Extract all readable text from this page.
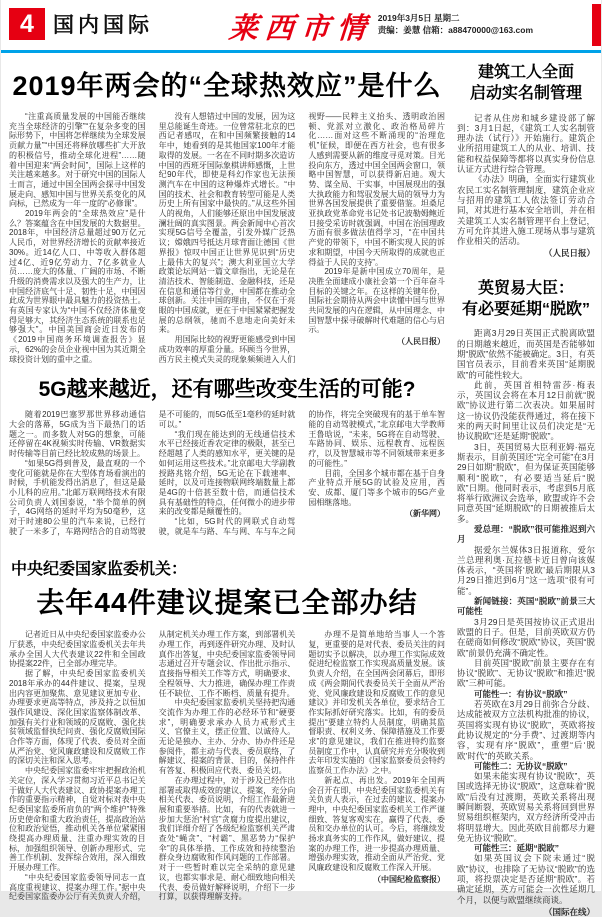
4 国内国际	莱西市情 2019年3月5日 星期二
责编：姜慧 信箱：a88470000@163.com
2019年两会的“全球热效应”是什么

“注重高质量发展的中国能否继续充当全球经济的引擎”“在复杂多变的国际形势下，中国将怎样继续为全球发展贡献力量”“中国还将释放哪些扩大开放的积极信号，推动全球化进程”……随着中国迎来“两会时间”，国际上这样的关注越来越多。对于研究中国的国际人士而言，通过中国全国两会探寻中国发展走向、感知中国与世界关系变化的风向标，已然成为一年一度的“必修课”。

2019年两会的“全球热效应”是什么？答案蕴含在中国发展的大数据里。2018年，中国经济总量超过90万亿元人民币，对世界经济增长的贡献率接近30%。近14亿人口、中等收入群体超过4亿、近9亿劳动力、7亿多就业人员……庞大的体量、广阔的市场、不断升级的消费需求以及强大的生产力，让中国经济底气十足、韧性十足，中国因此成为世界眼中最具魅力的投资热土。有英国专家认为“中国不仅经济体量变得足够大，其经济生态系统的联系也足够强大”。中国美国商会近日发布的《2019中国商务环境调查报告》显示，62%的会员企业视中国为其近期全球投资计划的重中之重。

没有人想错过中国的发展，因为这里总能诞生奇迹。一位曾常驻北京的巴西记者感叹，在和中国频繁接触的14年中，她看到的是其他国家100年才能取得的发展。一名在不同时期多次造访中国的西班牙国际象棋讲师感慨，上世纪90年代，即使是科幻作家也无法预测汽车在中国的这种爆炸式增长。“中国的技术、社会和教育转型可能是人类历史上所有国家中最快的。”从这些外国人的视角，人们能够还原出中国发展波澜壮阔的真实图景。两会新闻中心首次实现5G信号全覆盖，引发外媒广泛热议；嫦娥四号抵达月球背面让德国《世界报》惊叹中国正让世界见识到“历史上最伟大的复兴”；澳大利亚国立大学政策论坛网站一篇文章指出，无论是在清洁技术、智能制造、金融科技，还是在信息和通信等行业，中国都在推动全球创新。关注中国的理由，不仅在于亮眼的中国成就，更在于中国紧紧把握发展的总纲领，驰而不息地走向美好未来。

用国际比较的视野更能感受到中国成功效率的厚重分量。环顾当今世界，西方民主模式失灵的现象频频进入人们视野——民粹主义抬头、透明政治困顿、党派对立激化、政治格局碎片化……面对这些不断涌现的“治理危机”征候，即便在西方社会，也有很多人感到需要从新的维度寻觅对策。目光投向东方，透过中国全国两会窗口，领略中国智慧，可以获得新启迪。观大势、谋全局、干实事，中国展现出的强大执政能力和驾驭发展大局的领导力为世界各国发展提供了重要借鉴。坦桑尼亚执政党革命党书记处书记波勒姆鲍近日接受采访时就强调，中国在治国理政方面有很多做法值得学习，“在中国共产党的带领下，中国不断实现人民的诉求和期望，中国今天所取得的成就也正得益于人民的支持”。

2019年是新中国成立70周年，是决胜全面建成小康社会第一个百年奋斗目标的关键之年。在这样的关键年份，国际社会期待从两会中读懂中国与世界共同发展的内在逻辑，从中国理念、中国智慧中探寻破解时代难题的信心与启示。

（人民日报）

5G越来越近，还有哪些改变生活的可能?

随着2019巴塞罗那世界移动通信大会的落幕，5G成为当下最热门的话题之一。而多数人对5G的想象，可能还停留在4K视频实时传输、VR数据实时传输等目前已经比较成熟的场景上。

“如果5G得到普及，最直观的一个变化可能就是你在大型体育场看演出的时候，手机能发得出消息了，但这是最小儿科的应用。”北邮万联网络技术有限公司负责人刘国泰说，“举个简单的例子，4G网络的延时平均为50毫秒，这对于时速80公里的汽车来说，已经行驶了一米多了，车路网结合的自动驾驶是不可能的，而5G低至1毫秒的延时就可以。”

“我们现在能达到的无线通信技术水平已经接近香农定律的极限，甚至已经超越了人类的感知水平，更关键的是如何运用这些技术。”北京邮电大学副教授路兆铭介绍，5G无论在下载速率、延时，以及可连接物联网终端数量上都是4G的十倍甚至数十倍，而通信技术具有基础性的特点，任何微小的进步带来的改变都是颠覆性的。

“比如，5G时代的网联式自动驾驶，就是车与路、车与网、车与车之间的协作，将完全突破现有的基于单车智能的自动驾驶模式，”北京邮电大学教师王鲁晗说，“未来，5G将在自动驾驶、车路协同、娱乐、远程教育、远程医疗，以及智慧城市等不同领域带来更多的可能性。”

目前，全国多个城市都在基于自身产业特点开展5G的试验及应用，西安、成都、厦门等多个城市的5G产业园相继落地。

（新华网）

中央纪委国家监委机关：
去年44件建议提案已全部办结

记者近日从中央纪委国家监委办公厅获悉，中央纪委国家监委机关去年共承办全国人大代表建议22件和全国政协提案22件，已全部办理完毕。

据了解，中央纪委国家监委机关2018年承办的44件建议、提案，呈现出内容更加聚焦、意见建议更加专业、办理要求更高等特点，涉及持之以恒加强作风建设、深化国家监察体制改革、加强有关行业和领域的反腐败、强化扶贫领域监督执纪问责、强化反腐败国际合作等方面，体现了代表、委员对全面从严治党、党风廉政建设和反腐败工作的深切关注和深入思考。

中央纪委国家监委牢牢把握政治机关定位，深入学习贯彻习近平总书记关于做好人大代表建议、政协提案办理工作的重要指示精神，自觉对标对表中央纪委国家监委所肩负的“两个维护”特殊历史使命和重大政治责任，提高政治站位和政治觉悟，推动机关各单位紧紧围绕提高办理质量、注重办理实效的目标，加强组织领导、创新办理形式、完善工作机制、发挥综合效用，深入细致开展办理工作。

“中央纪委国家监委领导同志一直高度重视建议、提案办理工作。”据中央纪委国家监委办公厅有关负责人介绍，从制定机关办理工作方案，到部署机关办理工作，再到逐件研究办理、及时认真作出答复，中央纪委国家监委领导同志通过召开专题会议、作出批示指示、直接指导相关工作等方式，明确要求、全程领导、大力推进，确保办理工作责任不缺位、工作不断档、质量有提升。

中央纪委国家监委机关坚持把沟通交流作为办理工作的必经环节和“硬要求”，明确要求承办人员力戒形式主义、官僚主义，摆正位置、以诚待人。无论是独办、主办、分办、协办件还是参阅件，都主动与代表、委员联络，了解建议、提案的背景、目的，保持件件有答复、积极回应代表、委员关切。

在办理过程中，对于涉及已经作出部署或取得成效的建议、提案，充分向相关代表、委员说明，介绍工作最新进展和重要举措。比如，有的代表就进一步加大惩治“村官”贪腐力度提出建议，我们详细介绍了各级纪检监察机关严肃查处“蝇贪”、“村霸”、黑恶势力“保护伞”的具体举措、工作成效和持续整治群众身边腐败和作风问题的工作部署。对于一些暂时难以完全采纳的意见建议，也都实事求是、耐心细致地向相关代表、委员做好解释说明，介绍下一步打算，以获得理解支持。

办理不是简单地给当事人一个答复，更重要的是对代表、委员关注的问题切实予以解决，以办理工作实际成效促进纪检监察工作实现高质量发展。该负责人介绍，在全国两会闭幕后，即形成《两会期间代表委员关于全面从严治党、党风廉政建设和反腐败工作的意见建议》并印发机关各单位，要求结合工作实际抓好研究落实。比如，有的委员提出“要建立特约人员制度，明确其监督职责、权利义务、保障措施及工作要求”的意见建议，我们在推进特约监察员制度工作中，认真研究并充分吸收到去年印发实施的《国家监察委员会特约监察员工作办法》之中。

新起点、再出发。2019年全国两会召开在即，中央纪委国家监委机关有关负责人表示，在过去的建议、提案办理中，中央纪委国家监委机关工作严谨细致、答复客观实在，赢得了代表、委员和交办单位的认可。今后，将继续发扬求真务实的工作作风，做好建议、提案的办理工作，进一步提高办理质量、增强办理实效，推动全面从严治党、党风廉政建设和反腐败工作深入开展。

（中国纪检监察报）

建筑工人全面
启动实名制管理

记者从住房和城乡建设部了解到：3月1日起，《建筑工人实名制管理办法（试行）》开始施行。建筑企业所招用建筑工人的从业、培训、技能和权益保障等都将以真实身份信息认证方式进行综合管理。

《办法》明确，全面实行建筑业农民工实名制管理制度，建筑企业应与招用的建筑工人依法签订劳动合同，对其进行基本安全培训，并在相关建筑工人实名制管理平台上登记，方可允许其进入施工现场从事与建筑作业相关的活动。

（人民日报）

英贸易大臣：
有必要延期“脱欧”

距离3月29日英国正式脱离欧盟的日期越来越近，而英国是否能够如期“脱欧”依然不能被确定。3日，有英国官员表示，目前看来英国“延期脱欧”的可能性较大。

此前，英国首相特雷莎·梅表示，英国议会将在本月12日前就“脱欧”协议进行第二次表决。如果届时这一协议仍没能获得通过，将在接下来的两天时间里让议员们决定是“无协议脱欧”还是延期“脱欧”。

3日，英国贸易大臣利亚姆·福克斯表示，目前英国还“完全可能”在3月29日如期“脱欧”，但为保证英国能够顺利“脱欧”，有必要适当延后“脱欧”日期。他同时表示，考虑到5月底将举行欧洲议会选举，欧盟或许不会同意英国“延期脱欧”的日期被推后太多。

爱总理：“脱欧”很可能推迟到六月

据爱尔兰媒体3日报道称，爱尔兰总理利奥·瓦拉德卡近日曾向该媒体表示，“英国将‘脱欧’最后期限从3月29日推迟到6月”这一选项“很有可能”。

新闻链接：英国“脱欧”前景三大可能性

3月29日是英国按协议正式退出欧盟的日子。但是，目前英欧双方仍在磋商如何修改“脱欧”协议，英国“脱欧”前景仍充满不确定性。

目前英国“脱欧”前景主要存在有协议“脱欧”、无协议“脱欧”和推迟“脱欧”三种可能。

可能性一：有协议“脱欧”

若英欧在3月29日前弥合分歧、达成能被双方立法机构批准的协议，英国将实现有协议“脱欧”，英欧将按此协议规定的“分手费”、过渡期等内容，实现有序“脱欧”，重塑“后‘脱欧’时代”的英欧关系。

可能性二：无协议“脱欧”

如果未能实现有协议“脱欧”，英国或选择无协议“脱欧”，这意味着“脱欧”后没有过渡期，英欧关系将出现瞬间断裂，英欧贸易关系将回到世界贸易组织框架内，双方经济所受冲击将明显增大。因此英欧目前都尽力避免无协议“脱欧”。

可能性三：延期“脱欧”

如果英国议会下院未通过“脱欧”协议，也排除了无协议“脱欧”的选项，将投票决定是否延期“脱欧”。若确定延期，英方可能会一次性延期几个月，以便与欧盟继续商谈。

（国际在线）
